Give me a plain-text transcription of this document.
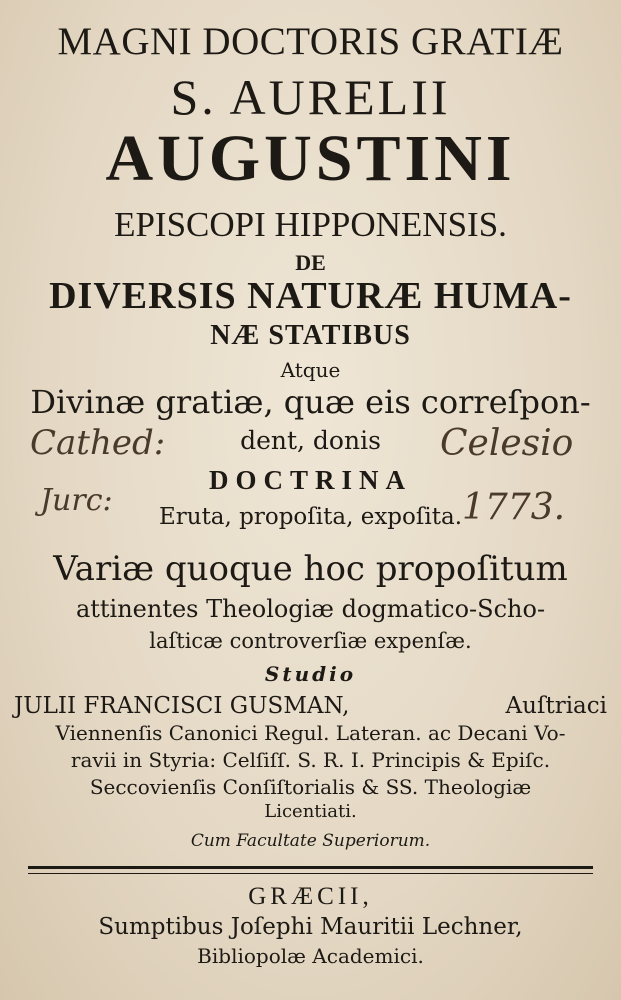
MAGNI DOCTORIS GRATIÆ
S. AURELII
AUGUSTINI
EPISCOPI HIPPONENSIS.
DE
DIVERSIS NATURÆ HUMA-
NÆ STATIBUS
Atque
Divinæ gratiæ, quæ eis correſpon-
dent, donis
DOCTRINA
Eruta, propoſita, expoſita.
Variæ quoque hoc propoſitum
attinentes Theologiæ dogmatico-Scho-
laſticæ controverſiæ expenſæ.
Studio
JULII FRANCISCI GUSMAN,	Auſtriaci
Viennenſis Canonici Regul. Lateran. ac Decani Vo-
ravii in Styria: Celſiſſ. S. R. I. Principis & Epiſc.
Seccovienſis Conſiſtorialis & SS. Theologiæ
Licentiati.
Cum Facultate Superiorum.
GRÆCII,
Sumptibus Joſephi Mauritii Lechner,
Bibliopolæ Academici.
Cathed:
Jurc:
Celesio
1773.
